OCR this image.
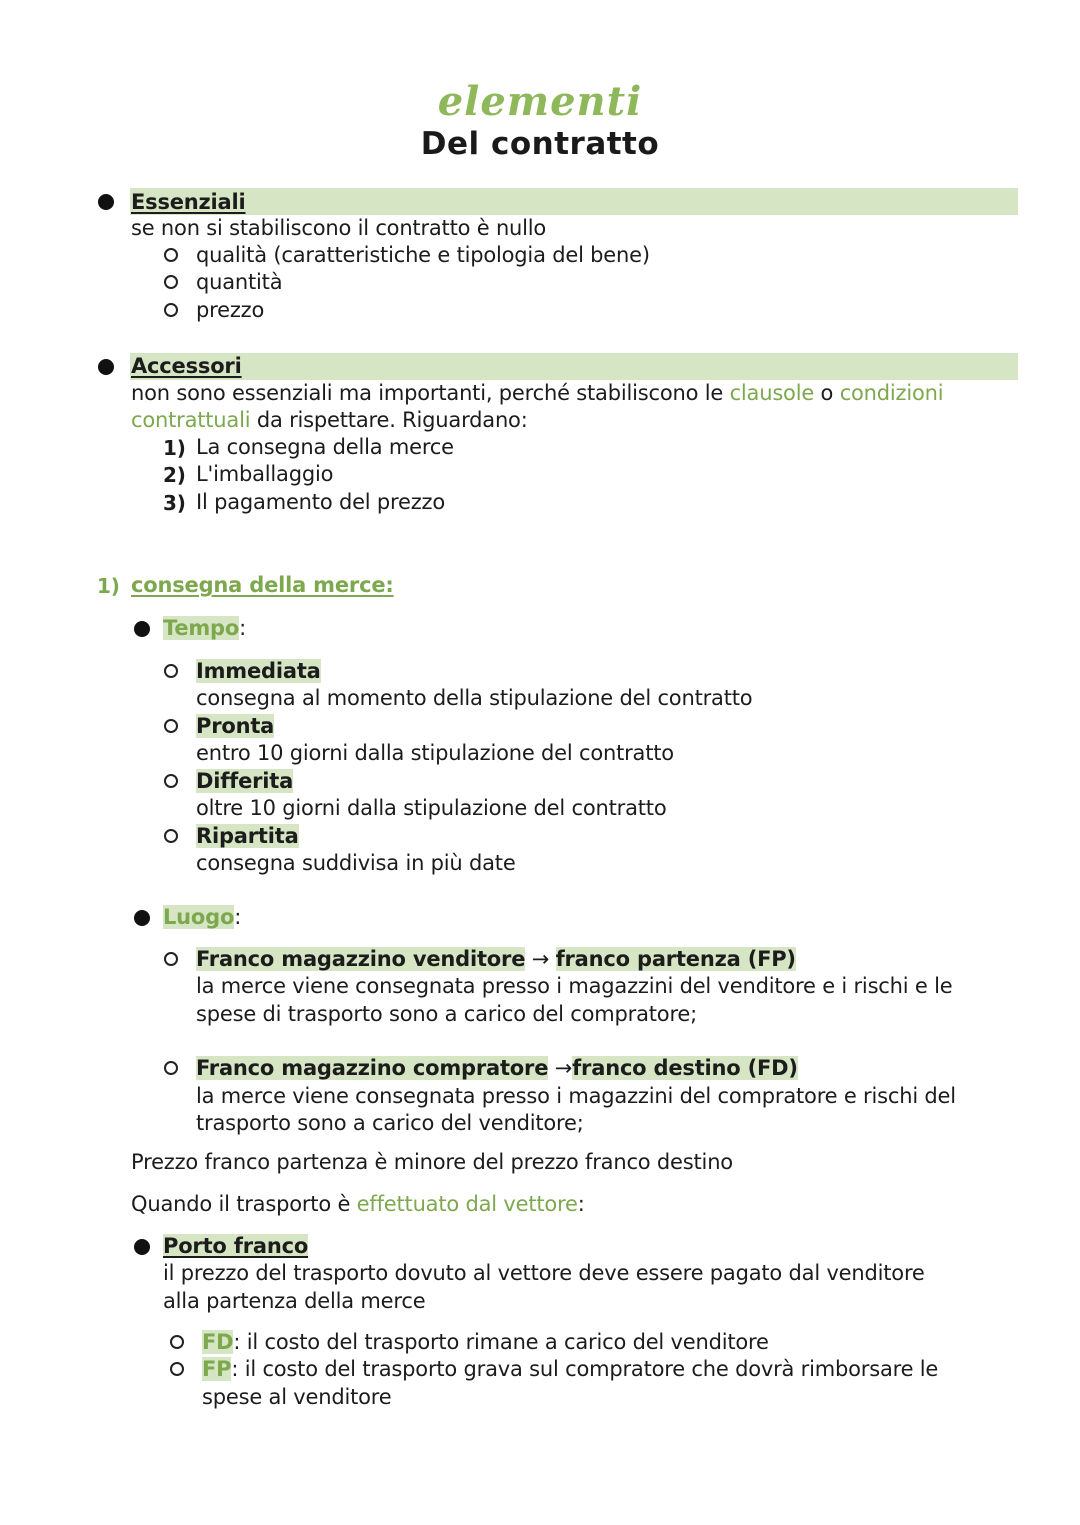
elementi
Del contratto
Essenziali
se non si stabiliscono il contratto è nullo
qualità (caratteristiche e tipologia del bene)
quantità
prezzo
Accessori
non sono essenziali ma importanti, perché stabiliscono le clausole o condizioni
contrattuali da rispettare. Riguardano:
1) La consegna della merce
2) L'imballaggio
3) Il pagamento del prezzo
1) consegna della merce:
Tempo:
Immediata
consegna al momento della stipulazione del contratto
Pronta
entro 10 giorni dalla stipulazione del contratto
Differita
oltre 10 giorni dalla stipulazione del contratto
Ripartita
consegna suddivisa in più date
Luogo:
Franco magazzino venditore → franco partenza (FP)
la merce viene consegnata presso i magazzini del venditore e i rischi e le
spese di trasporto sono a carico del compratore;
Franco magazzino compratore →franco destino (FD)
la merce viene consegnata presso i magazzini del compratore e rischi del
trasporto sono a carico del venditore;
Prezzo franco partenza è minore del prezzo franco destino
Quando il trasporto è effettuato dal vettore:
Porto franco
il prezzo del trasporto dovuto al vettore deve essere pagato dal venditore
alla partenza della merce
FD: il costo del trasporto rimane a carico del venditore
FP: il costo del trasporto grava sul compratore che dovrà rimborsare le
spese al venditore
